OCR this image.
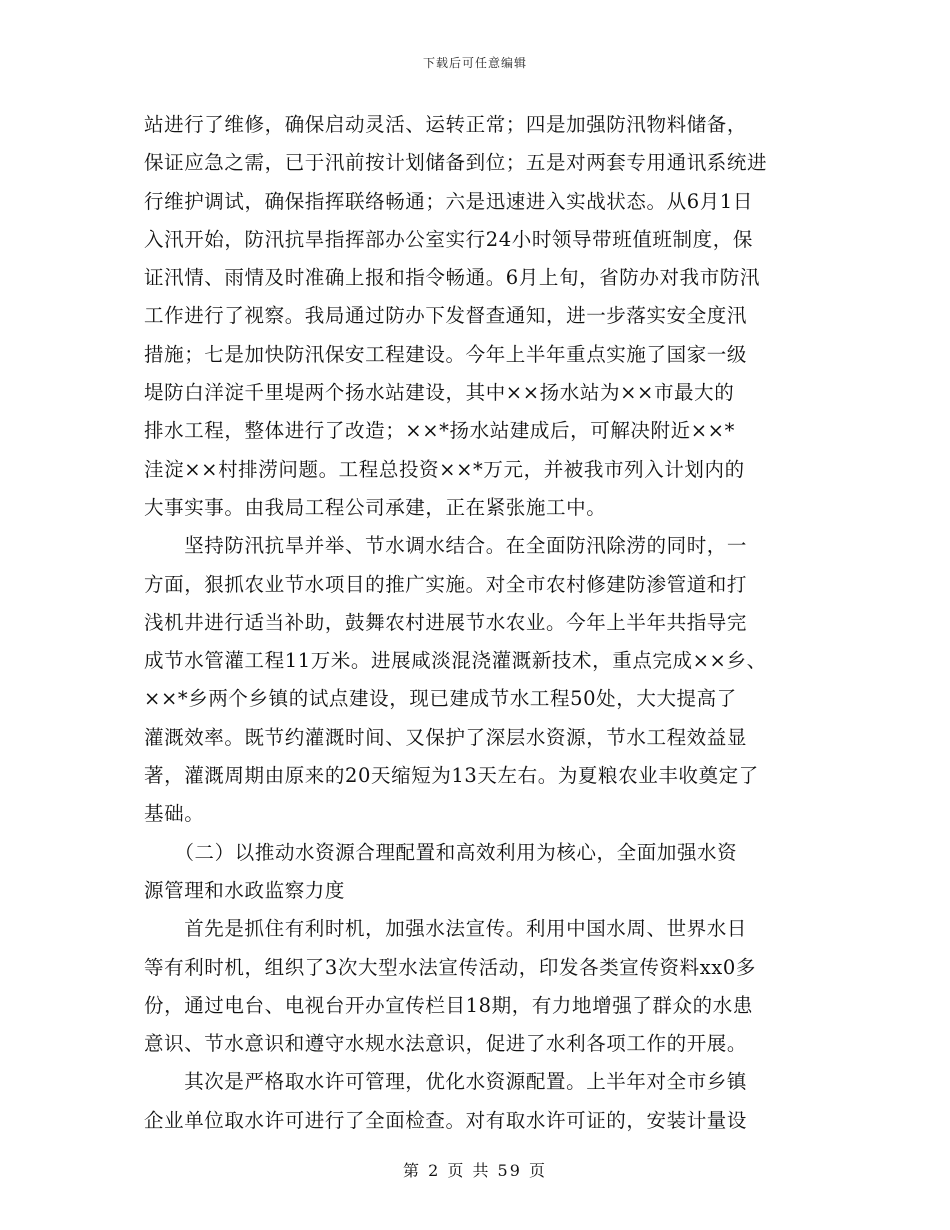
下载后可任意编辑
站进行了维修，确保启动灵活、运转正常；四是加强防汛物料储备，
保证应急之需，已于汛前按计划储备到位；五是对两套专用通讯系统进
行维护调试，确保指挥联络畅通；六是迅速进入实战状态。从6月1日
入汛开始，防汛抗旱指挥部办公室实行24小时领导带班值班制度，保
证汛情、雨情及时准确上报和指令畅通。6月上旬，省防办对我市防汛
工作进行了视察。我局通过防办下发督查通知，进一步落实安全度汛
措施；七是加快防汛保安工程建设。今年上半年重点实施了国家一级
堤防白洋淀千里堤两个扬水站建设，其中××扬水站为××市最大的
排水工程，整体进行了改造；××*扬水站建成后，可解决附近××*
洼淀××村排涝问题。工程总投资××*万元，并被我市列入计划内的
大事实事。由我局工程公司承建，正在紧张施工中。
　　坚持防汛抗旱并举、节水调水结合。在全面防汛除涝的同时，一
方面，狠抓农业节水项目的推广实施。对全市农村修建防渗管道和打
浅机井进行适当补助，鼓舞农村进展节水农业。今年上半年共指导完
成节水管灌工程11万米。进展咸淡混浇灌溉新技术，重点完成××乡、
××*乡两个乡镇的试点建设，现已建成节水工程50处，大大提高了
灌溉效率。既节约灌溉时间、又保护了深层水资源，节水工程效益显
著，灌溉周期由原来的20天缩短为13天左右。为夏粮农业丰收奠定了
基础。
　　（二）以推动水资源合理配置和高效利用为核心，全面加强水资
源管理和水政监察力度
　　首先是抓住有利时机，加强水法宣传。利用中国水周、世界水日
等有利时机，组织了3次大型水法宣传活动，印发各类宣传资料xx0多
份，通过电台、电视台开办宣传栏目18期，有力地增强了群众的水患
意识、节水意识和遵守水规水法意识，促进了水利各项工作的开展。
　　其次是严格取水许可管理，优化水资源配置。上半年对全市乡镇
企业单位取水许可进行了全面检查。对有取水许可证的，安装计量设
第 2 页 共 59 页
